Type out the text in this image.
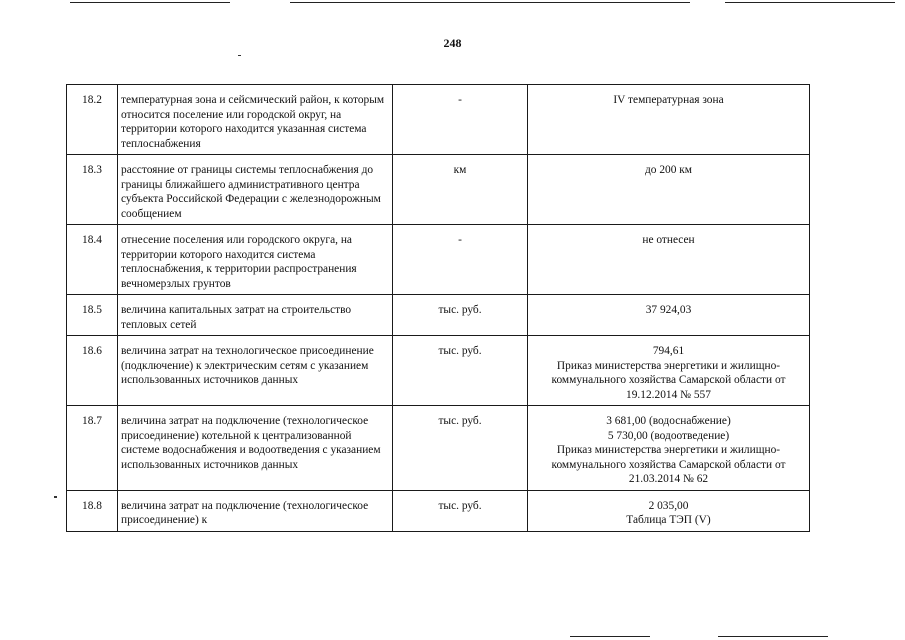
248
18.2	температурная зона и сейсмический район, к которым относится поселение или городской округ, на территории которого находится указанная система теплоснабжения	-	IV температурная зона

18.3	расстояние от границы системы теплоснабжения до границы ближайшего административного центра субъекта Российской Федерации с железнодорожным сообщением	км	до 200 км

18.4	отнесение поселения или городского округа, на территории которого находится система теплоснабжения, к территории распространения вечномерзлых грунтов	-	не отнесен

18.5	величина капитальных затрат на строительство тепловых сетей	тыс. руб.	37 924,03

18.6	величина затрат на технологическое присоединение (подключение) к электрическим сетям с указанием использованных источников данных	тыс. руб.	794,61
Приказ министерства энергетики и жилищно-коммунального хозяйства Самарской области от 19.12.2014 № 557

18.7	величина затрат на подключение (технологическое присоединение) котельной к централизованной системе водоснабжения и водоотведения с указанием использованных источников данных	тыс. руб.	3 681,00 (водоснабжение)
5 730,00 (водоотведение)
Приказ министерства энергетики и жилищно-коммунального хозяйства Самарской области от 21.03.2014 № 62

18.8	величина затрат на подключение (технологическое присоединение) к	тыс. руб.	2 035,00
Таблица ТЭП (V)
